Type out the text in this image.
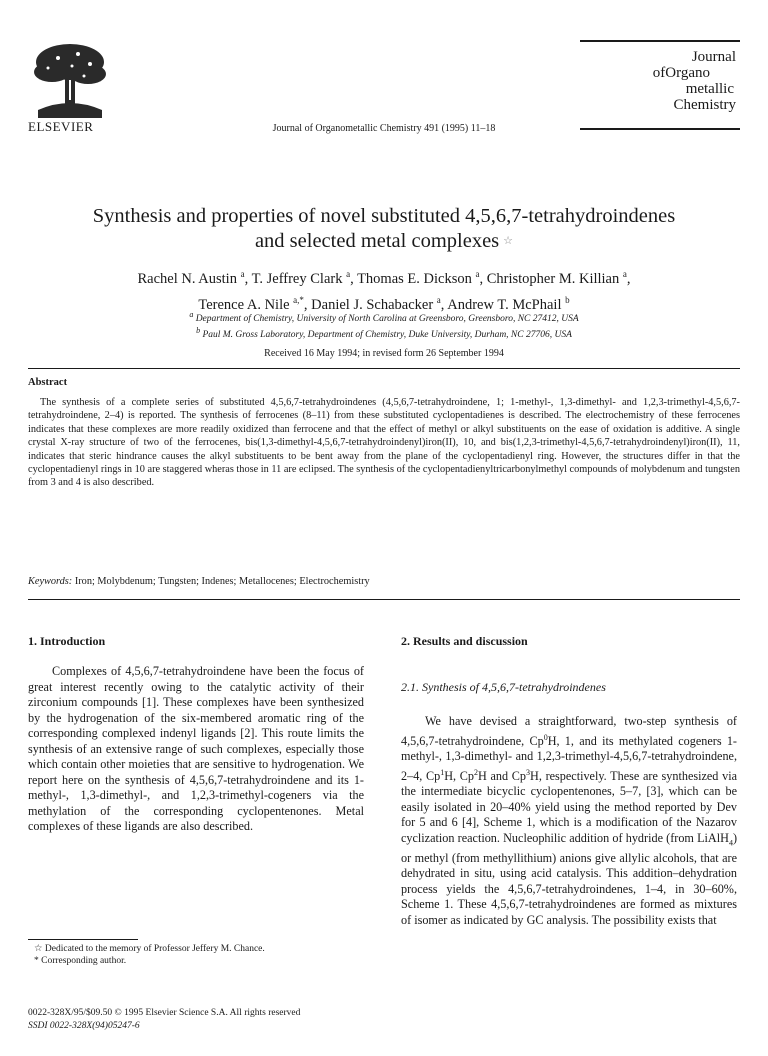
ELSEVIER	Journal of Organometallic Chemistry 491 (1995) 11–18
Journal
ofOrgano
metallic
Chemistry
Synthesis and properties of novel substituted 4,5,6,7-tetrahydroindenes
and selected metal complexes ☆
Rachel N. Austin $^a$, T. Jeffrey Clark $^a$, Thomas E. Dickson $^a$, Christopher M. Killian $^a$,
Terence A. Nile $^{a,*}$, Daniel J. Schabacker $^a$, Andrew T. McPhail $^b$
$^a$ Department of Chemistry, University of North Carolina at Greensboro, Greensboro, NC 27412, USA
$^b$ Paul M. Gross Laboratory, Department of Chemistry, Duke University, Durham, NC 27706, USA
Received 16 May 1994; in revised form 26 September 1994
Abstract

The synthesis of a complete series of substituted 4,5,6,7-tetrahydroindenes (4,5,6,7-tetrahydroindene, 1; 1-methyl-, 1,3-dimethyl- and 1,2,3-trimethyl-4,5,6,7-tetrahydroindene, 2–4) is reported. The synthesis of ferrocenes (8–11) from these substituted cyclopentadienes is described. The electrochemistry of these ferrocenes indicates that these complexes are more readily oxidized than ferrocene and that the effect of methyl or alkyl substituents on the ease of oxidation is additive. A single crystal X-ray structure of two of the ferrocenes, bis(1,3-dimethyl-4,5,6,7-tetrahydroindenyl)iron(II), 10, and bis(1,2,3-trimethyl-4,5,6,7-tetrahydroindenyl)iron(II), 11, indicates that steric hindrance causes the alkyl substituents to be bent away from the plane of the cyclopentadienyl ring. However, the structures differ in that the cyclopentadienyl rings in 10 are staggered wheras those in 11 are eclipsed. The synthesis of the cyclopentadienyltricarbonylmethyl compounds of molybdenum and tungsten from 3 and 4 is also described.

Keywords: Iron; Molybdenum; Tungsten; Indenes; Metallocenes; Electrochemistry
1. Introduction

Complexes of 4,5,6,7-tetrahydroindene have been the focus of great interest recently owing to the catalytic activity of their zirconium compounds [1]. These complexes have been synthesized by the hydrogenation of the six-membered aromatic ring of the corresponding complexed indenyl ligands [2]. This route limits the synthesis of an extensive range of such complexes, especially those which contain other moieties that are sensitive to hydrogenation. We report here on the synthesis of 4,5,6,7-tetrahydroindene and its 1-methyl-, 1,3-dimethyl-, and 1,2,3-trimethyl-cogeners via the methylation of the corresponding cyclopentenones. Metal complexes of these ligands are also described.

2. Results and discussion
2.1. Synthesis of 4,5,6,7-tetrahydroindenes

We have devised a straightforward, two-step synthesis of 4,5,6,7-tetrahydroindene, Cp$^0$H, 1, and its methylated cogeners 1-methyl-, 1,3-dimethyl- and 1,2,3-trimethyl-4,5,6,7-tetrahydroindene, 2–4, Cp$^1$H, Cp$^2$H and Cp$^3$H, respectively. These are synthesized via the intermediate bicyclic cyclopentenones, 5–7, [3], which can be easily isolated in 20–40% yield using the method reported by Dev for 5 and 6 [4], Scheme 1, which is a modification of the Nazarov cyclization reaction. Nucleophilic addition of hydride (from LiAlH$_4$) or methyl (from methyllithium) anions give allylic alcohols, that are dehydrated in situ, using acid catalysis. This addition–dehydration process yields the 4,5,6,7-tetrahydroindenes, 1–4, in 30–60%, Scheme 1. These 4,5,6,7-tetrahydroindenes are formed as mixtures of isomer as indicated by GC analysis. The possibility exists that

☆ Dedicated to the memory of Professor Jeffery M. Chance.
* Corresponding author.
0022-328X/95/$09.50 © 1995 Elsevier Science S.A. All rights reserved
SSDI 0022-328X(94)05247-6
